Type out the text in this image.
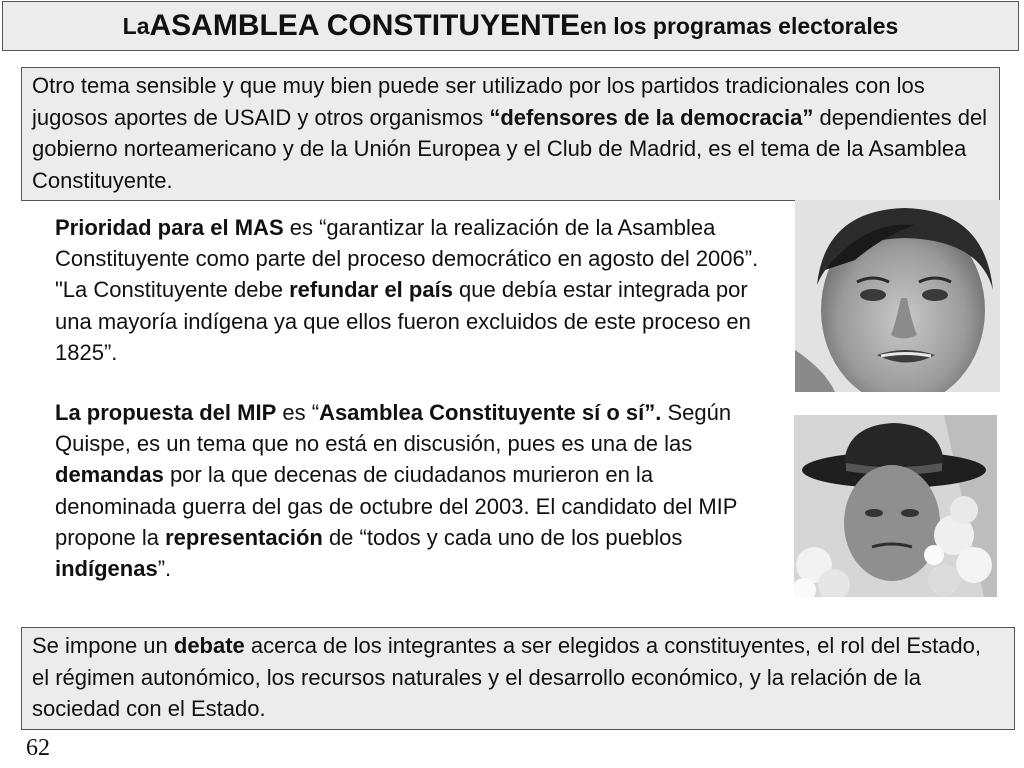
La ASAMBLEA CONSTITUYENTE en los programas electorales
Otro tema sensible y que muy bien puede ser utilizado por los partidos tradicionales con los jugosos aportes de USAID y otros organismos “defensores de la democracia” dependientes del gobierno norteamericano y de la Unión Europea y el Club de Madrid, es el tema de la Asamblea Constituyente.
Prioridad para el MAS es “garantizar la realización de la Asamblea Constituyente como parte del proceso democrático en agosto del 2006”. "La Constituyente debe refundar el país que debía estar integrada por una mayoría indígena ya que ellos fueron excluidos de este proceso en 1825”.
La propuesta del MIP es “Asamblea Constituyente sí o sí”. Según Quispe, es un tema que no está en discusión, pues es una de las demandas por la que decenas de ciudadanos murieron en la denominada guerra del gas de octubre del 2003. El candidato del MIP propone la representación de “todos y cada uno de los pueblos indígenas”.
Se impone un debate acerca de los integrantes a ser elegidos a constituyentes, el rol del Estado, el régimen autonómico, los recursos naturales y el desarrollo económico, y la relación de la sociedad con el Estado.
62
